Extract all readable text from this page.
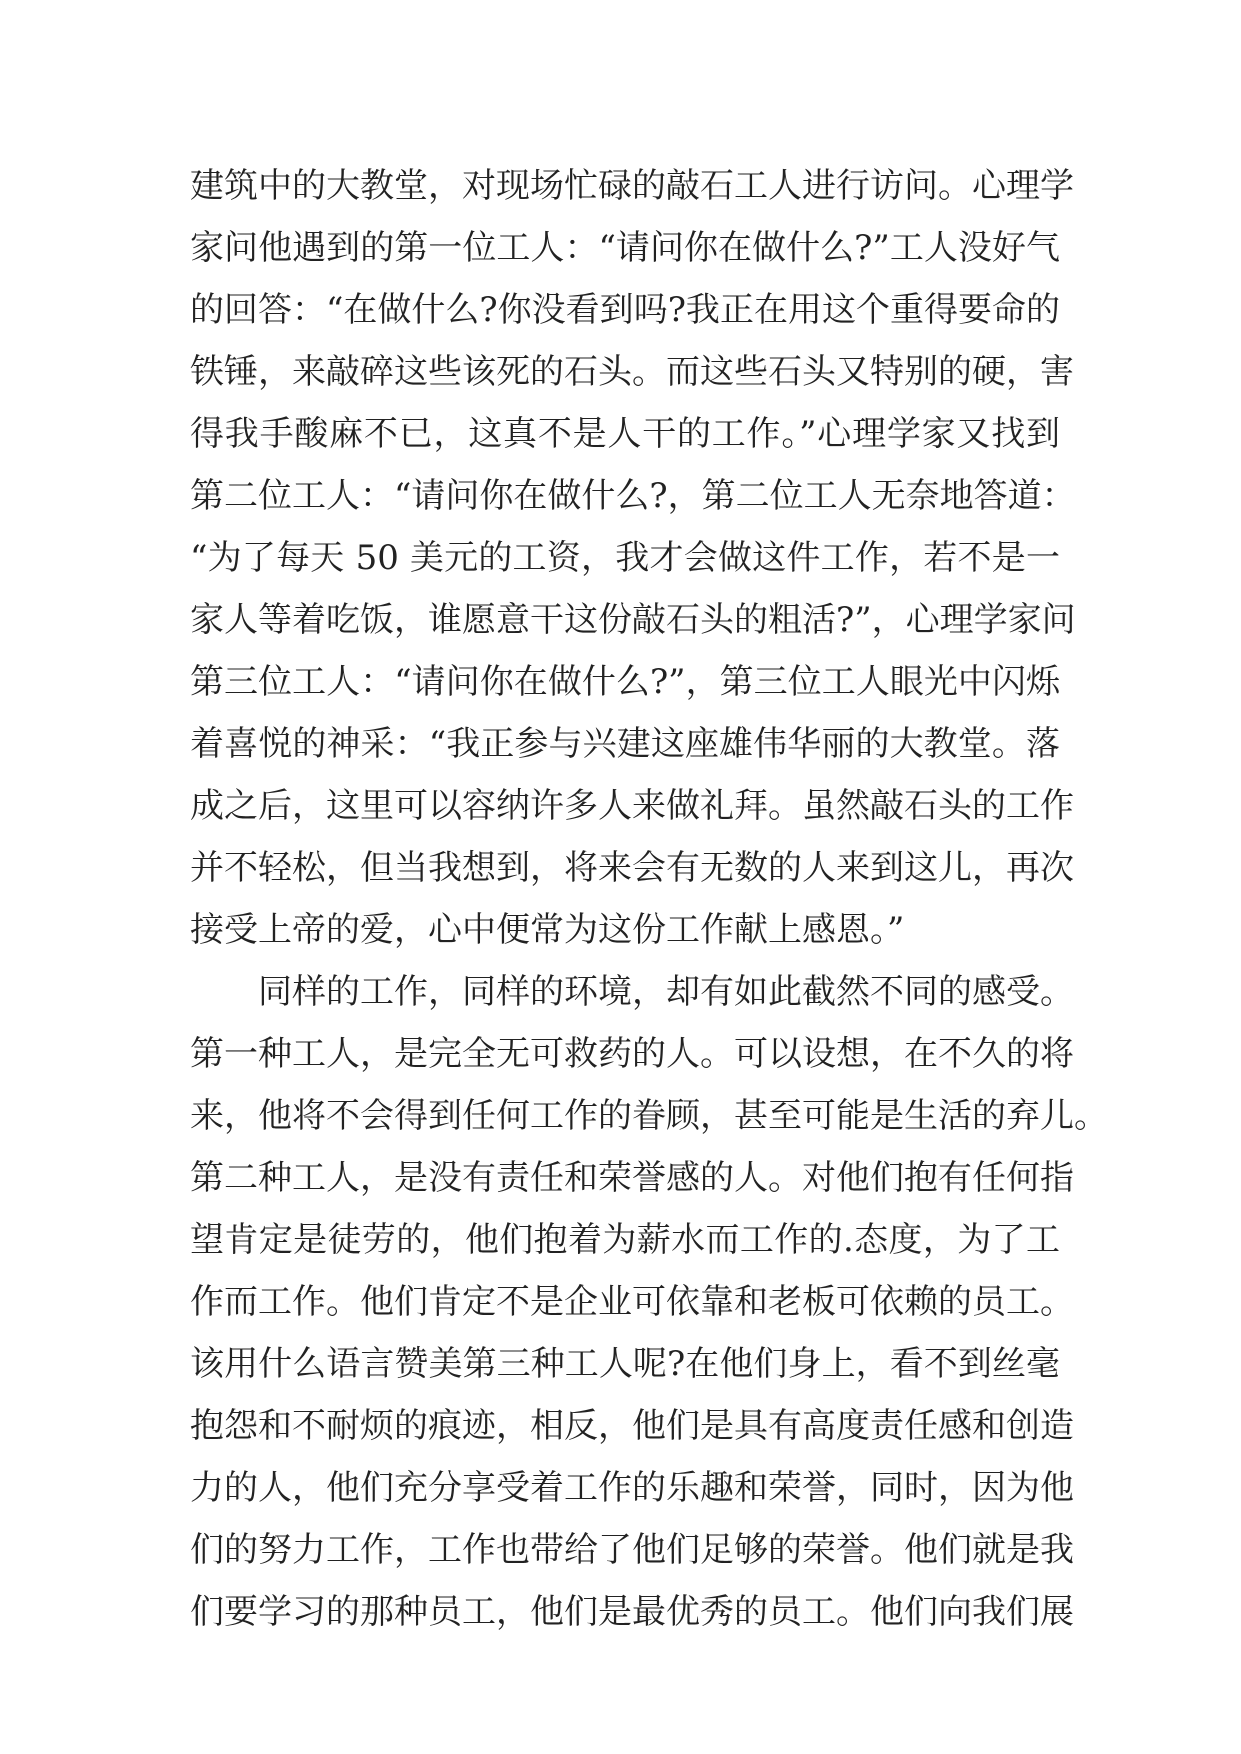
建筑中的大教堂，对现场忙碌的敲石工人进行访问。心理学
家问他遇到的第一位工人：“请问你在做什么?”工人没好气
的回答：“在做什么?你没看到吗?我正在用这个重得要命的
铁锤，来敲碎这些该死的石头。而这些石头又特别的硬，害
得我手酸麻不已，这真不是人干的工作。”心理学家又找到
第二位工人：“请问你在做什么?，第二位工人无奈地答道：
“为了每天 50 美元的工资，我才会做这件工作，若不是一
家人等着吃饭，谁愿意干这份敲石头的粗活?”，心理学家问
第三位工人：“请问你在做什么?”，第三位工人眼光中闪烁
着喜悦的神采：“我正参与兴建这座雄伟华丽的大教堂。落
成之后，这里可以容纳许多人来做礼拜。虽然敲石头的工作
并不轻松，但当我想到，将来会有无数的人来到这儿，再次
接受上帝的爱，心中便常为这份工作献上感恩。”
同样的工作，同样的环境，却有如此截然不同的感受。
第一种工人，是完全无可救药的人。可以设想，在不久的将
来，他将不会得到任何工作的眷顾，甚至可能是生活的弃儿。
第二种工人，是没有责任和荣誉感的人。对他们抱有任何指
望肯定是徒劳的，他们抱着为薪水而工作的.态度，为了工
作而工作。他们肯定不是企业可依靠和老板可依赖的员工。
该用什么语言赞美第三种工人呢?在他们身上，看不到丝毫
抱怨和不耐烦的痕迹，相反，他们是具有高度责任感和创造
力的人，他们充分享受着工作的乐趣和荣誉，同时，因为他
们的努力工作，工作也带给了他们足够的荣誉。他们就是我
们要学习的那种员工，他们是最优秀的员工。他们向我们展
